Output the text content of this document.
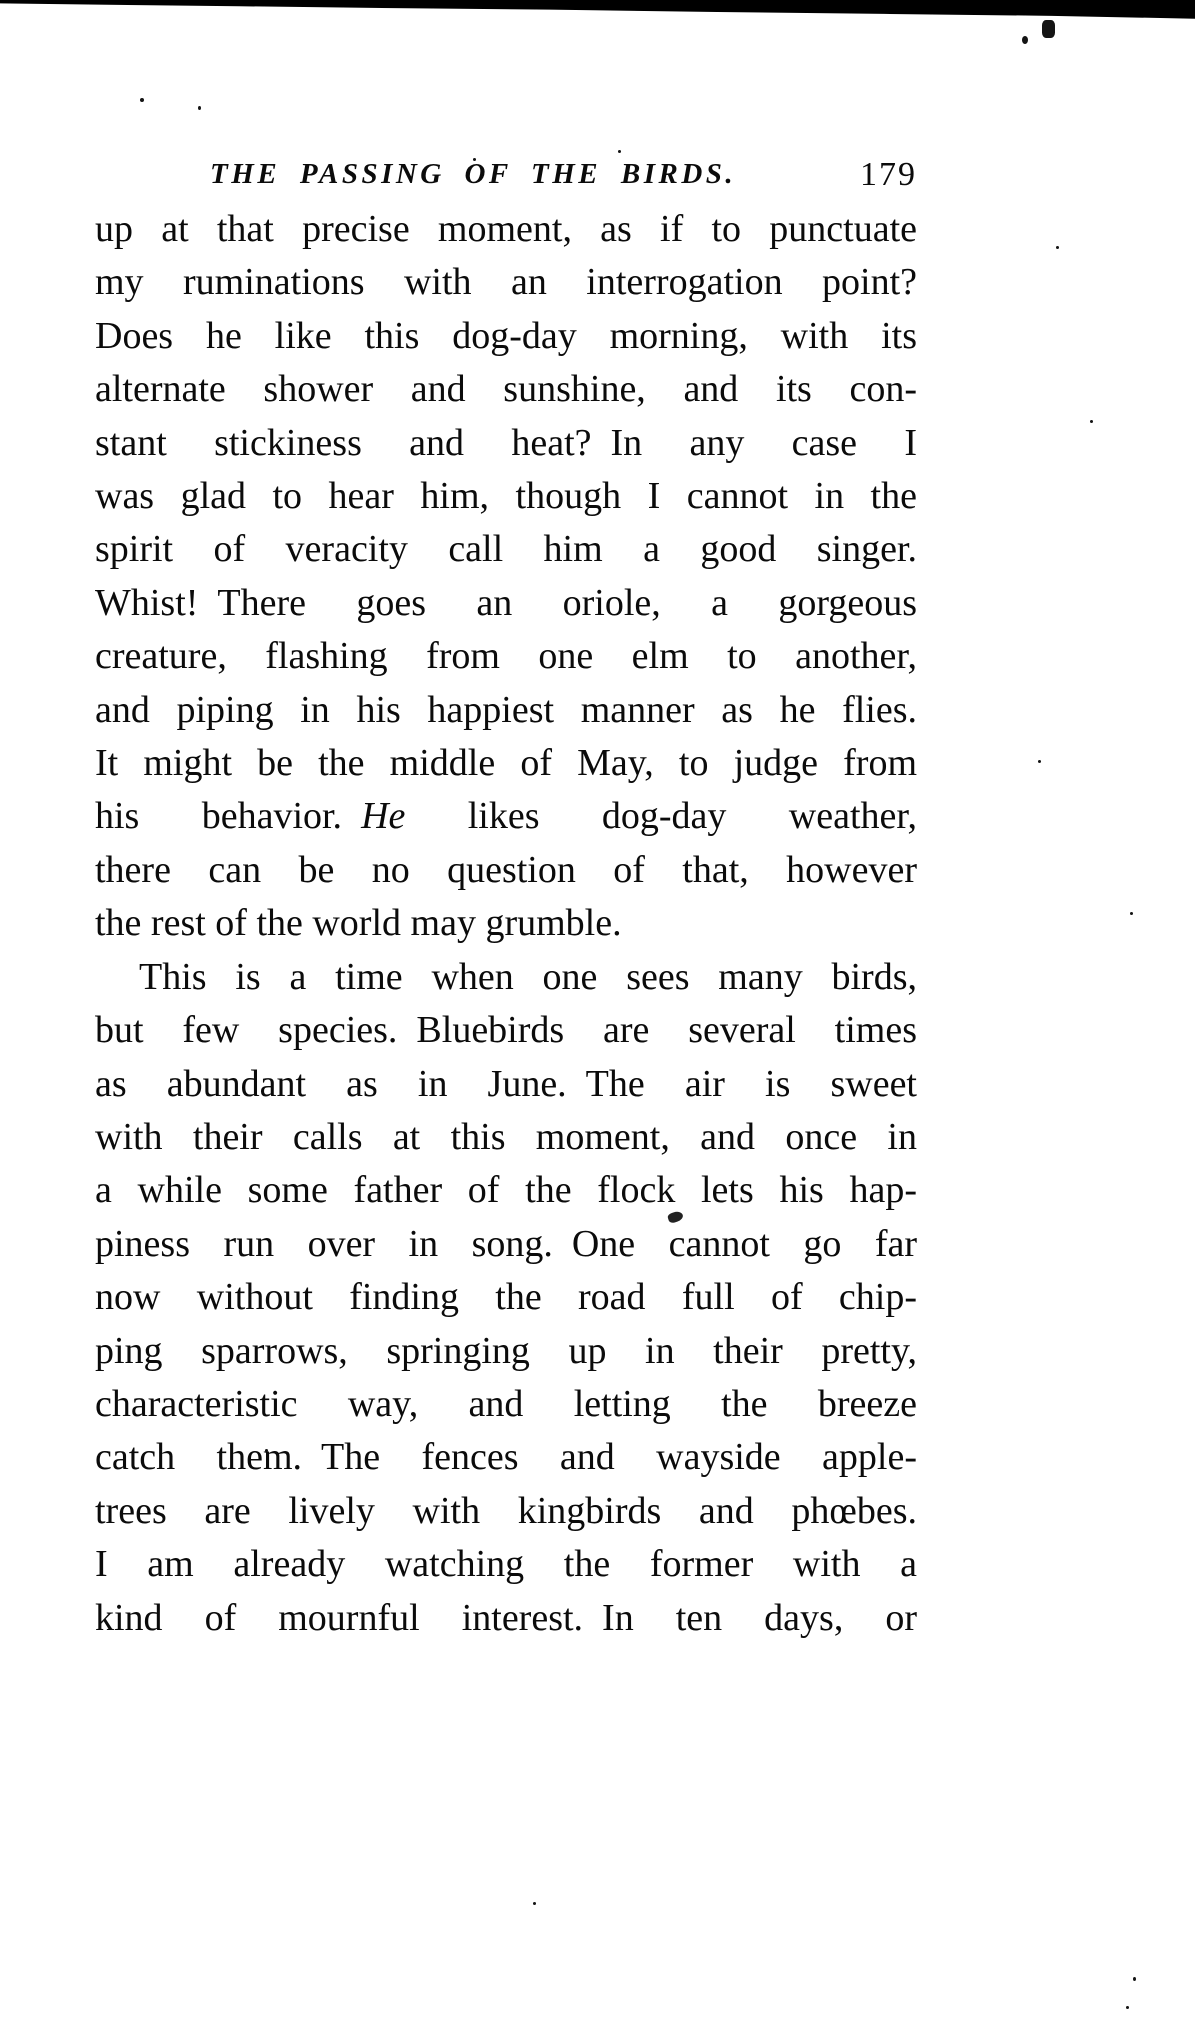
THE PASSING OF THE BIRDS.	179
up at that precise moment, as if to punctuate
my ruminations with an interrogation point?
Does he like this dog-day morning, with its
alternate shower and sunshine, and its con-
stant stickiness and heat? In any case I
was glad to hear him, though I cannot in the
spirit of veracity call him a good singer.
Whist! There goes an oriole, a gorgeous
creature, flashing from one elm to another,
and piping in his happiest manner as he flies.
It might be the middle of May, to judge from
his behavior. He likes dog-day weather,
there can be no question of that, however
the rest of the world may grumble.
This is a time when one sees many birds,
but few species. Bluebirds are several times
as abundant as in June. The air is sweet
with their calls at this moment, and once in
a while some father of the flock lets his hap-
piness run over in song. One cannot go far
now without finding the road full of chip-
ping sparrows, springing up in their pretty,
characteristic way, and letting the breeze
catch them. The fences and wayside apple-
trees are lively with kingbirds and phœbes.
I am already watching the former with a
kind of mournful interest. In ten days, or
